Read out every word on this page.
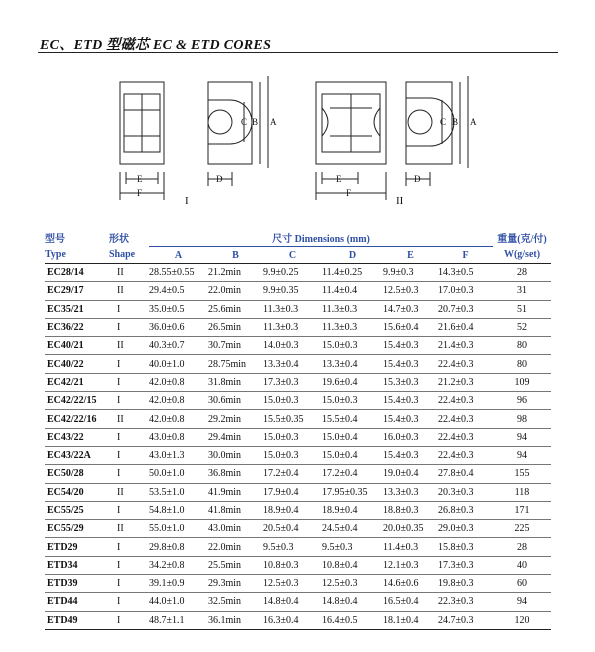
EC、ETD 型磁芯 EC & ETD CORES
E
F
C B A
D
I
E
F
C B A
D
II
型号	形状	尺寸 Dimensions (mm)						重量(克/付)
Type	Shape	A	B	C	D	E	F	W(g/set)
EC28/14	II	28.55±0.55	21.2min	9.9±0.25	11.4±0.25	9.9±0.3	14.3±0.5	28
EC29/17	II	29.4±0.5	22.0min	9.9±0.35	11.4±0.4	12.5±0.3	17.0±0.3	31
EC35/21	I	35.0±0.5	25.6min	11.3±0.3	11.3±0.3	14.7±0.3	20.7±0.3	51
EC36/22	I	36.0±0.6	26.5min	11.3±0.3	11.3±0.3	15.6±0.4	21.6±0.4	52
EC40/21	II	40.3±0.7	30.7min	14.0±0.3	15.0±0.3	15.4±0.3	21.4±0.3	80
EC40/22	I	40.0±1.0	28.75min	13.3±0.4	13.3±0.4	15.4±0.3	22.4±0.3	80
EC42/21	I	42.0±0.8	31.8min	17.3±0.3	19.6±0.4	15.3±0.3	21.2±0.3	109
EC42/22/15	I	42.0±0.8	30.6min	15.0±0.3	15.0±0.3	15.4±0.3	22.4±0.3	96
EC42/22/16	II	42.0±0.8	29.2min	15.5±0.35	15.5±0.4	15.4±0.3	22.4±0.3	98
EC43/22	I	43.0±0.8	29.4min	15.0±0.3	15.0±0.4	16.0±0.3	22.4±0.3	94
EC43/22A	I	43.0±1.3	30.0min	15.0±0.3	15.0±0.4	15.4±0.3	22.4±0.3	94
EC50/28	I	50.0±1.0	36.8min	17.2±0.4	17.2±0.4	19.0±0.4	27.8±0.4	155
EC54/20	II	53.5±1.0	41.9min	17.9±0.4	17.95±0.35	13.3±0.3	20.3±0.3	118
EC55/25	I	54.8±1.0	41.8min	18.9±0.4	18.9±0.4	18.8±0.3	26.8±0.3	171
EC55/29	II	55.0±1.0	43.0min	20.5±0.4	24.5±0.4	20.0±0.35	29.0±0.3	225
ETD29	I	29.8±0.8	22.0min	9.5±0.3	9.5±0.3	11.4±0.3	15.8±0.3	28
ETD34	I	34.2±0.8	25.5min	10.8±0.3	10.8±0.4	12.1±0.3	17.3±0.3	40
ETD39	I	39.1±0.9	29.3min	12.5±0.3	12.5±0.3	14.6±0.6	19.8±0.3	60
ETD44	I	44.0±1.0	32.5min	14.8±0.4	14.8±0.4	16.5±0.4	22.3±0.3	94
ETD49	I	48.7±1.1	36.1min	16.3±0.4	16.4±0.5	18.1±0.4	24.7±0.3	120
